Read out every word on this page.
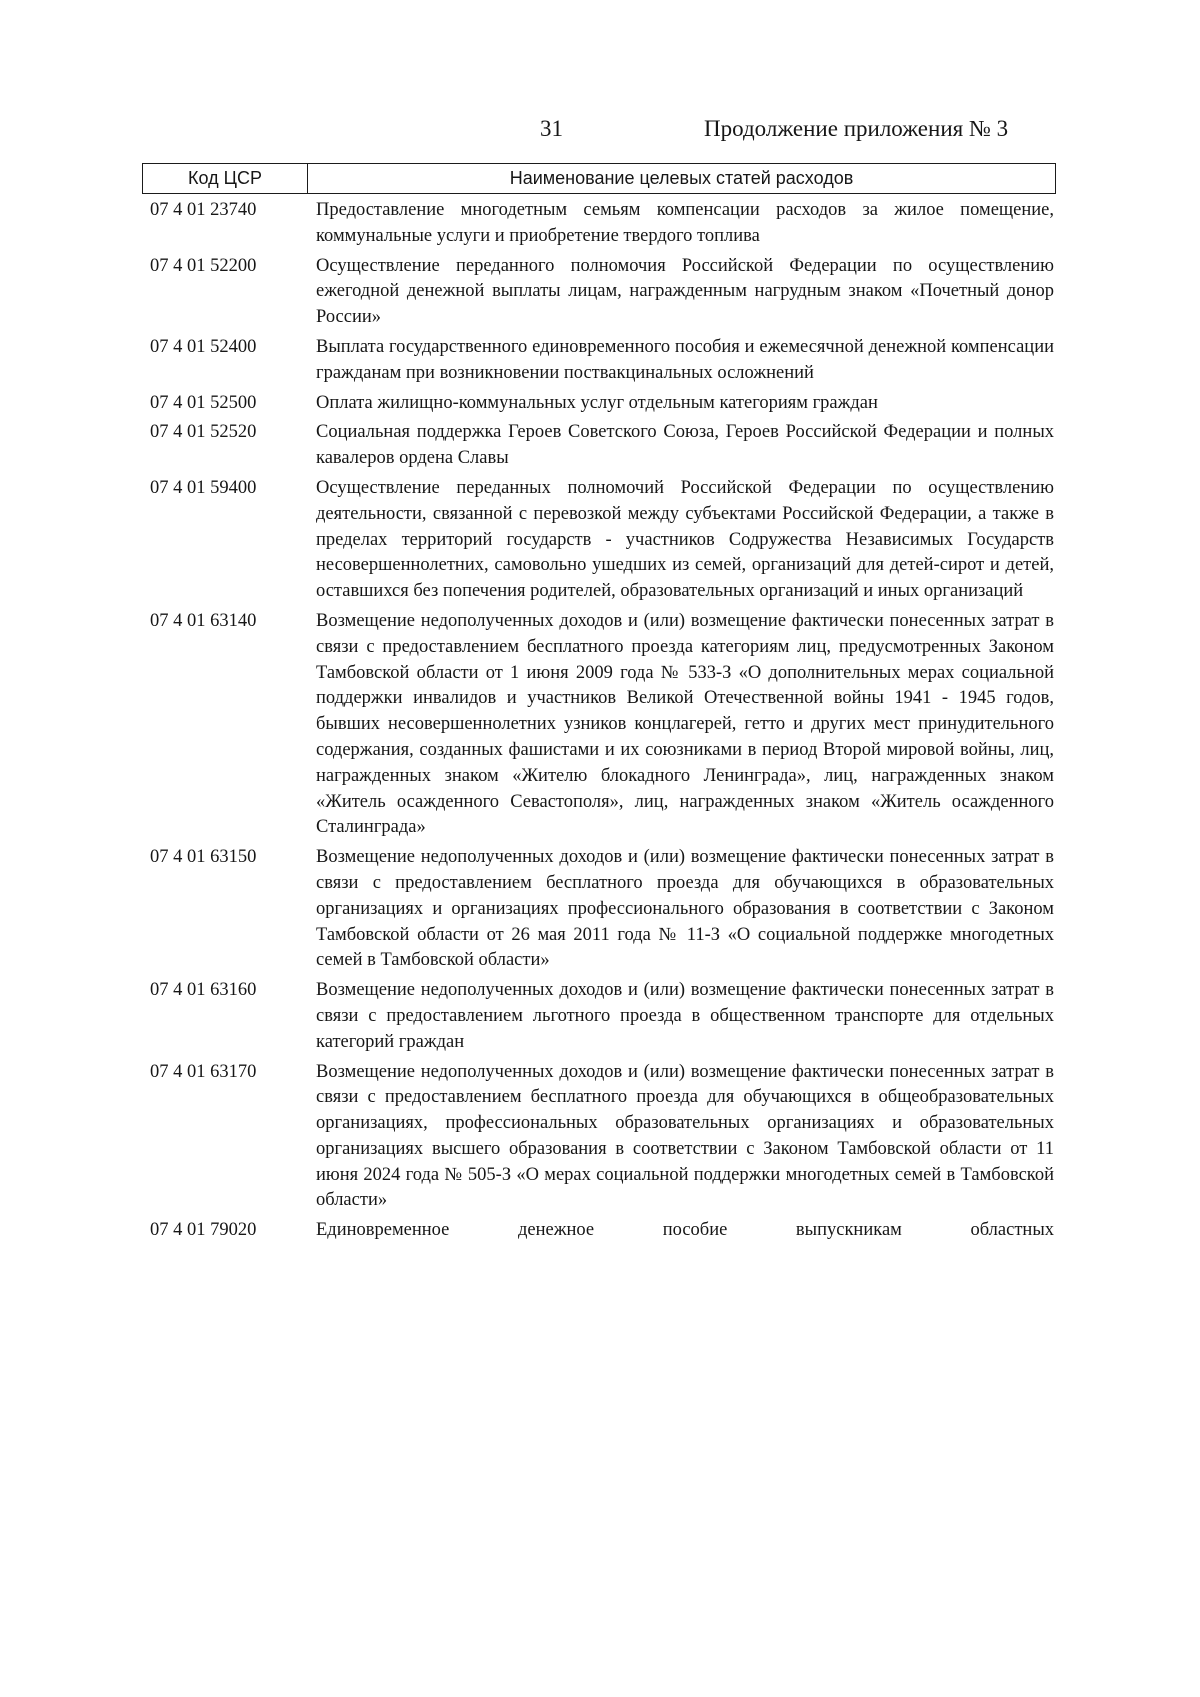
31	Продолжение приложения № 3
Код ЦСР	Наименование целевых статей расходов
07 4 01 23740	Предоставление многодетным семьям компенсации расходов за жилое помещение, коммунальные услуги и приобретение твердого топлива
07 4 01 52200	Осуществление переданного полномочия Российской Федерации по осуществлению ежегодной денежной выплаты лицам, награжденным нагрудным знаком «Почетный донор России»
07 4 01 52400	Выплата государственного единовременного пособия и ежемесячной денежной компенсации гражданам при возникновении поствакцинальных осложнений
07 4 01 52500	Оплата жилищно-коммунальных услуг отдельным категориям граждан
07 4 01 52520	Социальная поддержка Героев Советского Союза, Героев Российской Федерации и полных кавалеров ордена Славы
07 4 01 59400	Осуществление переданных полномочий Российской Федерации по осуществлению деятельности, связанной с перевозкой между субъектами Российской Федерации, а также в пределах территорий государств - участников Содружества Независимых Государств несовершеннолетних, самовольно ушедших из семей, организаций для детей-сирот и детей, оставшихся без попечения родителей, образовательных организаций и иных организаций
07 4 01 63140	Возмещение недополученных доходов и (или) возмещение фактически понесенных затрат в связи с предоставлением бесплатного проезда категориям лиц, предусмотренных Законом Тамбовской области от 1 июня 2009 года № 533-З «О дополнительных мерах социальной поддержки инвалидов и участников Великой Отечественной войны 1941 - 1945 годов, бывших несовершеннолетних узников концлагерей, гетто и других мест принудительного содержания, созданных фашистами и их союзниками в период Второй мировой войны, лиц, награжденных знаком «Жителю блокадного Ленинграда», лиц, награжденных знаком «Житель осажденного Севастополя», лиц, награжденных знаком «Житель осажденного Сталинграда»
07 4 01 63150	Возмещение недополученных доходов и (или) возмещение фактически понесенных затрат в связи с предоставлением бесплатного проезда для обучающихся в образовательных организациях и организациях профессионального образования в соответствии с Законом Тамбовской области от 26 мая 2011 года № 11-З «О социальной поддержке многодетных семей в Тамбовской области»
07 4 01 63160	Возмещение недополученных доходов и (или) возмещение фактически понесенных затрат в связи с предоставлением льготного проезда в общественном транспорте для отдельных категорий граждан
07 4 01 63170	Возмещение недополученных доходов и (или) возмещение фактически понесенных затрат в связи с предоставлением бесплатного проезда для обучающихся в общеобразовательных организациях, профессиональных образовательных организациях и образовательных организациях высшего образования в соответствии с Законом Тамбовской области от 11 июня 2024 года № 505-З «О мерах социальной поддержки многодетных семей в Тамбовской области»
07 4 01 79020	Единовременное денежное пособие выпускникам областных
